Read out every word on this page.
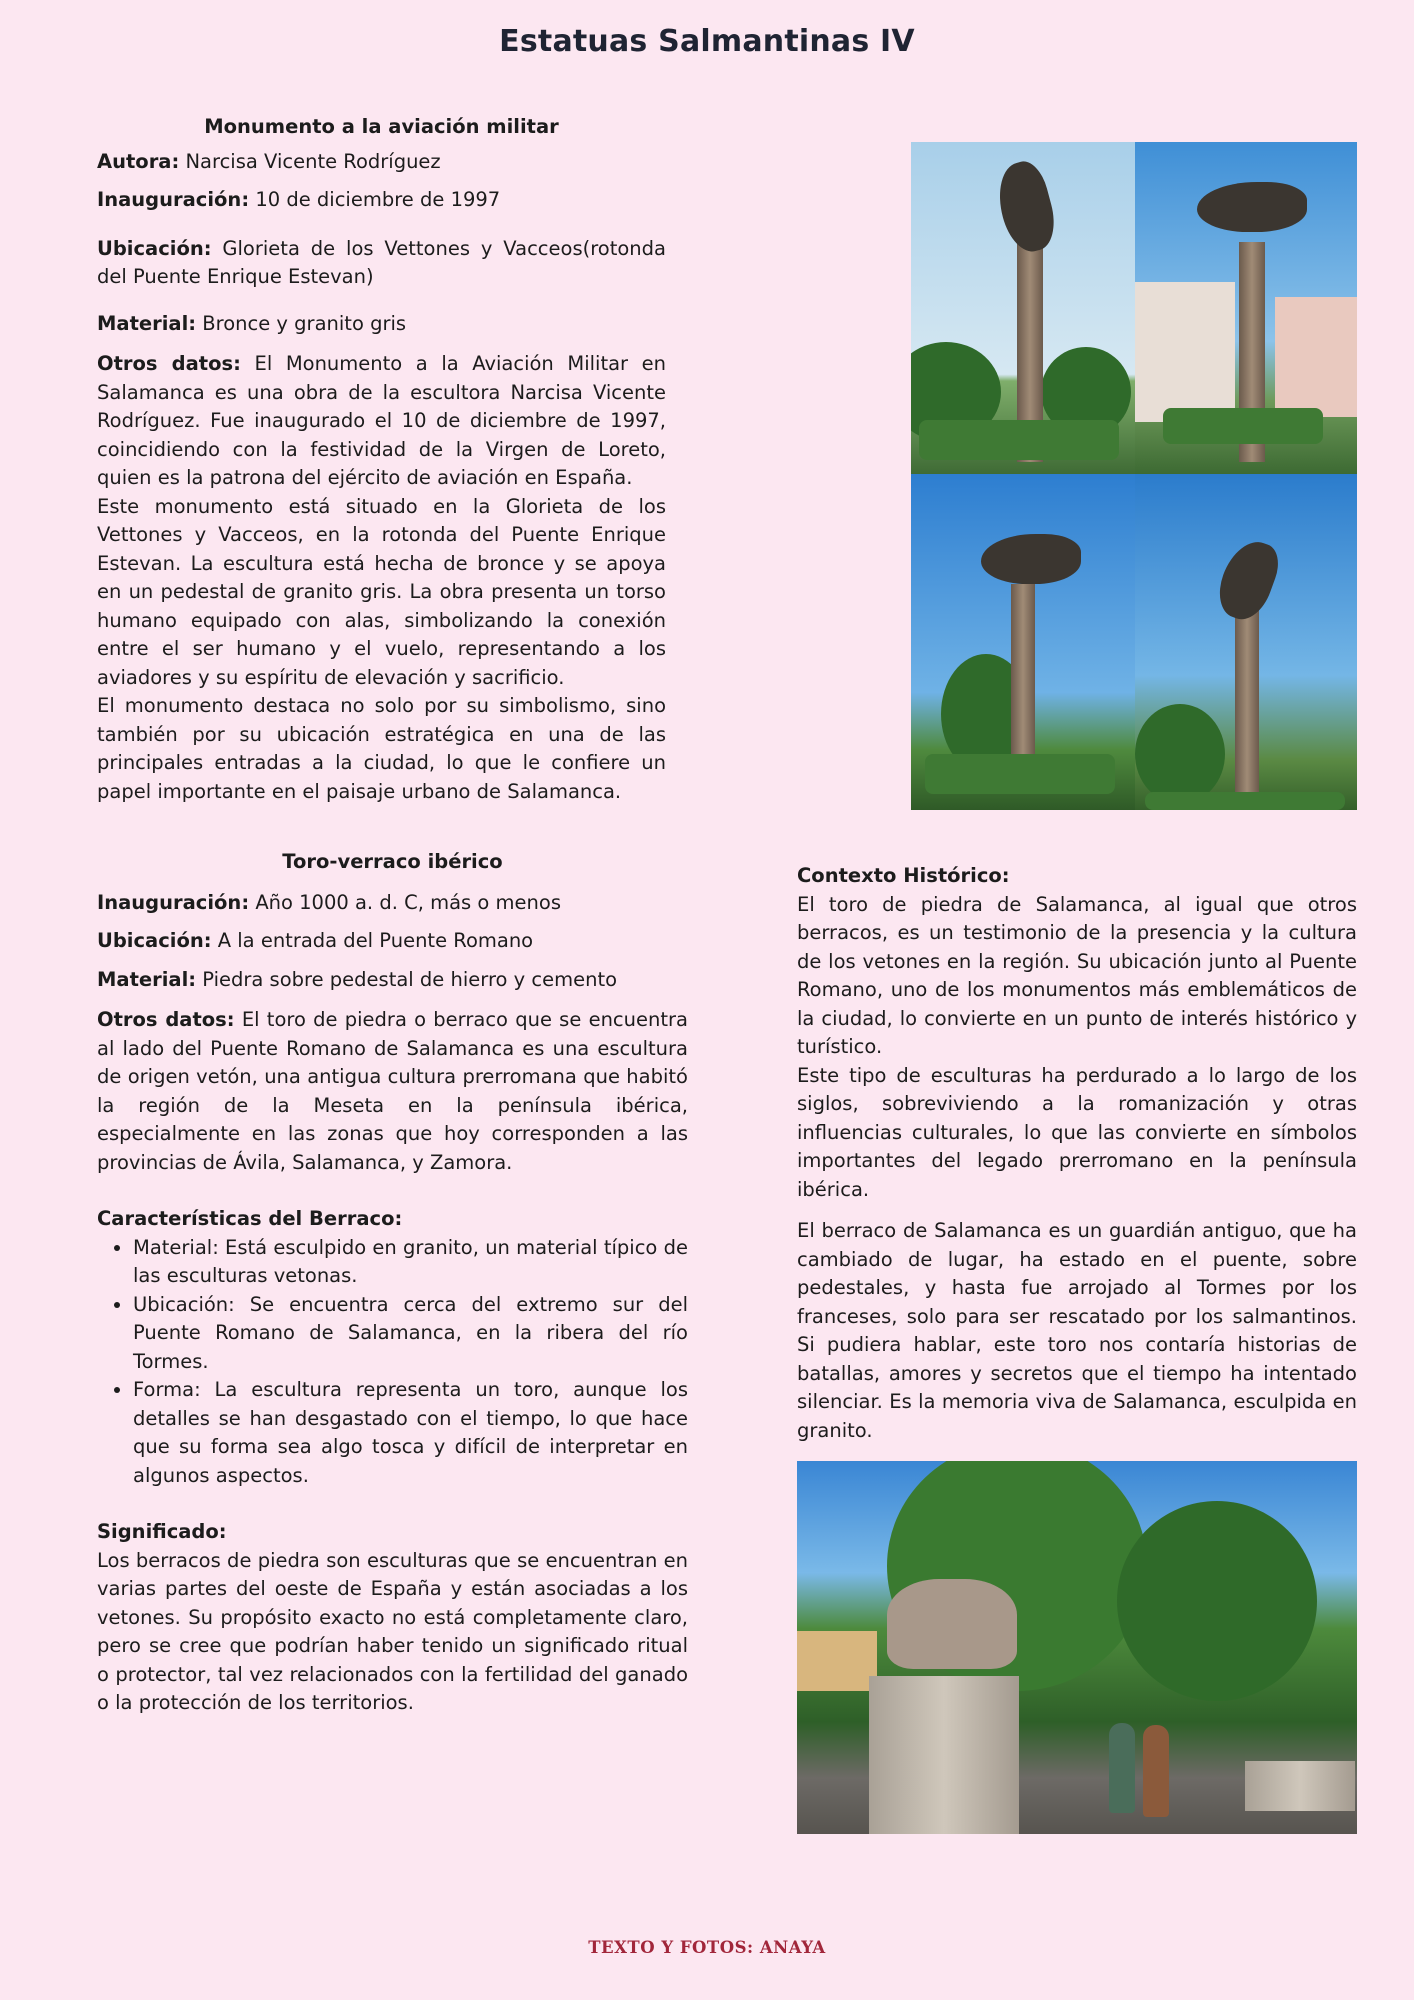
Estatuas Salmantinas IV

Monumento a la aviación militar

Autora: Narcisa Vicente Rodríguez

Inauguración: 10 de diciembre de 1997

Ubicación: Glorieta de los Vettones y Vacceos(rotonda del Puente Enrique Estevan)

Material: Bronce y granito gris

Otros datos: El Monumento a la Aviación Militar en Salamanca es una obra de la escultora Narcisa Vicente Rodríguez. Fue inaugurado el 10 de diciembre de 1997, coincidiendo con la festividad de la Virgen de Loreto, quien es la patrona del ejército de aviación en España.

Este monumento está situado en la Glorieta de los Vettones y Vacceos, en la rotonda del Puente Enrique Estevan. La escultura está hecha de bronce y se apoya en un pedestal de granito gris. La obra presenta un torso humano equipado con alas, simbolizando la conexión entre el ser humano y el vuelo, representando a los aviadores y su espíritu de elevación y sacrificio.

El monumento destaca no solo por su simbolismo, sino también por su ubicación estratégica en una de las principales entradas a la ciudad, lo que le confiere un papel importante en el paisaje urbano de Salamanca.

Toro-verraco ibérico

Inauguración: Año 1000 a. d. C, más o menos

Ubicación: A la entrada del Puente Romano

Material: Piedra sobre pedestal de hierro y cemento

Otros datos: El toro de piedra o berraco que se encuentra al lado del Puente Romano de Salamanca es una escultura de origen vetón, una antigua cultura prerromana que habitó la región de la Meseta en la península ibérica, especialmente en las zonas que hoy corresponden a las provincias de Ávila, Salamanca, y Zamora.

Características del Berraco:

• Material: Está esculpido en granito, un material típico de las esculturas vetonas.
• Ubicación: Se encuentra cerca del extremo sur del Puente Romano de Salamanca, en la ribera del río Tormes.
• Forma: La escultura representa un toro, aunque los detalles se han desgastado con el tiempo, lo que hace que su forma sea algo tosca y difícil de interpretar en algunos aspectos.

Significado:

Los berracos de piedra son esculturas que se encuentran en varias partes del oeste de España y están asociadas a los vetones. Su propósito exacto no está completamente claro, pero se cree que podrían haber tenido un significado ritual o protector, tal vez relacionados con la fertilidad del ganado o la protección de los territorios.

Contexto Histórico:

El toro de piedra de Salamanca, al igual que otros berracos, es un testimonio de la presencia y la cultura de los vetones en la región. Su ubicación junto al Puente Romano, uno de los monumentos más emblemáticos de la ciudad, lo convierte en un punto de interés histórico y turístico.

Este tipo de esculturas ha perdurado a lo largo de los siglos, sobreviviendo a la romanización y otras influencias culturales, lo que las convierte en símbolos importantes del legado prerromano en la península ibérica.

El berraco de Salamanca es un guardián antiguo, que ha cambiado de lugar, ha estado en el puente, sobre pedestales, y hasta fue arrojado al Tormes por los franceses, solo para ser rescatado por los salmantinos. Si pudiera hablar, este toro nos contaría historias de batallas, amores y secretos que el tiempo ha intentado silenciar. Es la memoria viva de Salamanca, esculpida en granito.

TEXTO Y FOTOS: ANAYA
